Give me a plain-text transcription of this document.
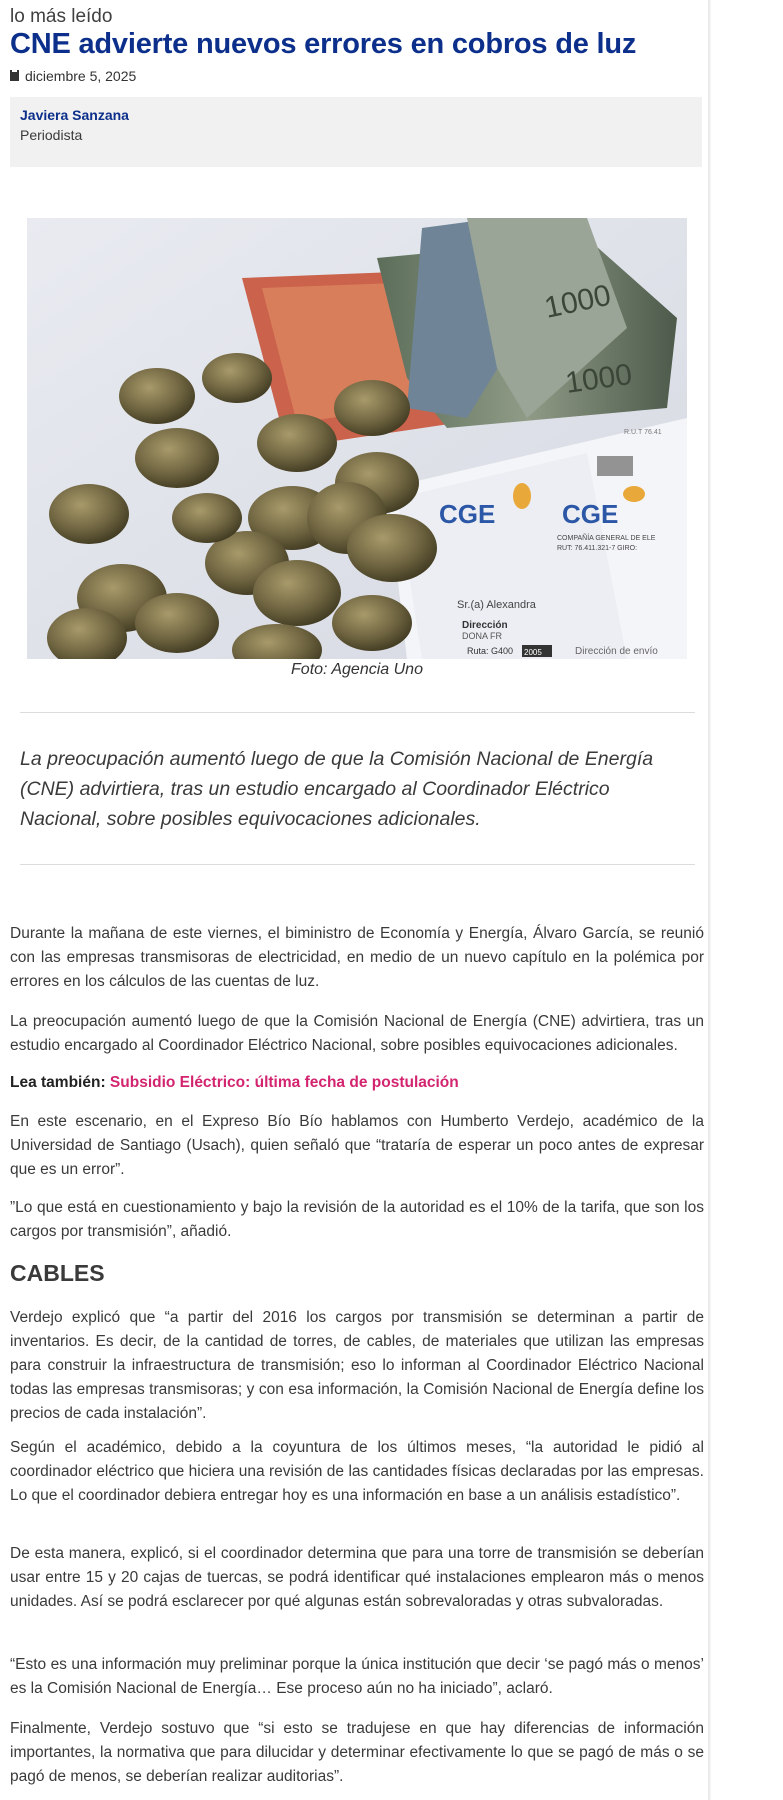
lo más leído
CNE advierte nuevos errores en cobros de luz
diciembre 5, 2025
Javiera Sanzana
Periodista
1000
1000
R.U.T 76.41
CGE	CGE
COMPAÑÍA GENERAL DE ELE
RUT: 76.411.321-7 GIRO:
Sr.(a) Alexandra
Dirección
DONA FR
Ruta: G400 2005	Dirección de envío
Foto: Agencia Uno
La preocupación aumentó luego de que la Comisión Nacional de Energía (CNE) advirtiera, tras un estudio encargado al Coordinador Eléctrico Nacional, sobre posibles equivocaciones adicionales.

Durante la mañana de este viernes, el biministro de Economía y Energía, Álvaro García, se reunió con las empresas transmisoras de electricidad, en medio de un nuevo capítulo en la polémica por errores en los cálculos de las cuentas de luz.

La preocupación aumentó luego de que la Comisión Nacional de Energía (CNE) advirtiera, tras un estudio encargado al Coordinador Eléctrico Nacional, sobre posibles equivocaciones adicionales.

Lea también: Subsidio Eléctrico: última fecha de postulación

En este escenario, en el Expreso Bío Bío hablamos con Humberto Verdejo, académico de la Universidad de Santiago (Usach), quien señaló que “trataría de esperar un poco antes de expresar que es un error”.

”Lo que está en cuestionamiento y bajo la revisión de la autoridad es el 10% de la tarifa, que son los cargos por transmisión”, añadió.

CABLES

Verdejo explicó que “a partir del 2016 los cargos por transmisión se determinan a partir de inventarios. Es decir, de la cantidad de torres, de cables, de materiales que utilizan las empresas para construir la infraestructura de transmisión; eso lo informan al Coordinador Eléctrico Nacional todas las empresas transmisoras; y con esa información, la Comisión Nacional de Energía define los precios de cada instalación”.

Según el académico, debido a la coyuntura de los últimos meses, “la autoridad le pidió al coordinador eléctrico que hiciera una revisión de las cantidades físicas declaradas por las empresas. Lo que el coordinador debiera entregar hoy es una información en base a un análisis estadístico”.

De esta manera, explicó, si el coordinador determina que para una torre de transmisión se deberían usar entre 15 y 20 cajas de tuercas, se podrá identificar qué instalaciones emplearon más o menos unidades. Así se podrá esclarecer por qué algunas están sobrevaloradas y otras subvaloradas.

“Esto es una información muy preliminar porque la única institución que decir ‘se pagó más o menos’ es la Comisión Nacional de Energía… Ese proceso aún no ha iniciado”, aclaró.

Finalmente, Verdejo sostuvo que “si esto se tradujese en que hay diferencias de información importantes, la normativa que para dilucidar y determinar efectivamente lo que se pagó de más o se pagó de menos, se deberían realizar auditorias”.
